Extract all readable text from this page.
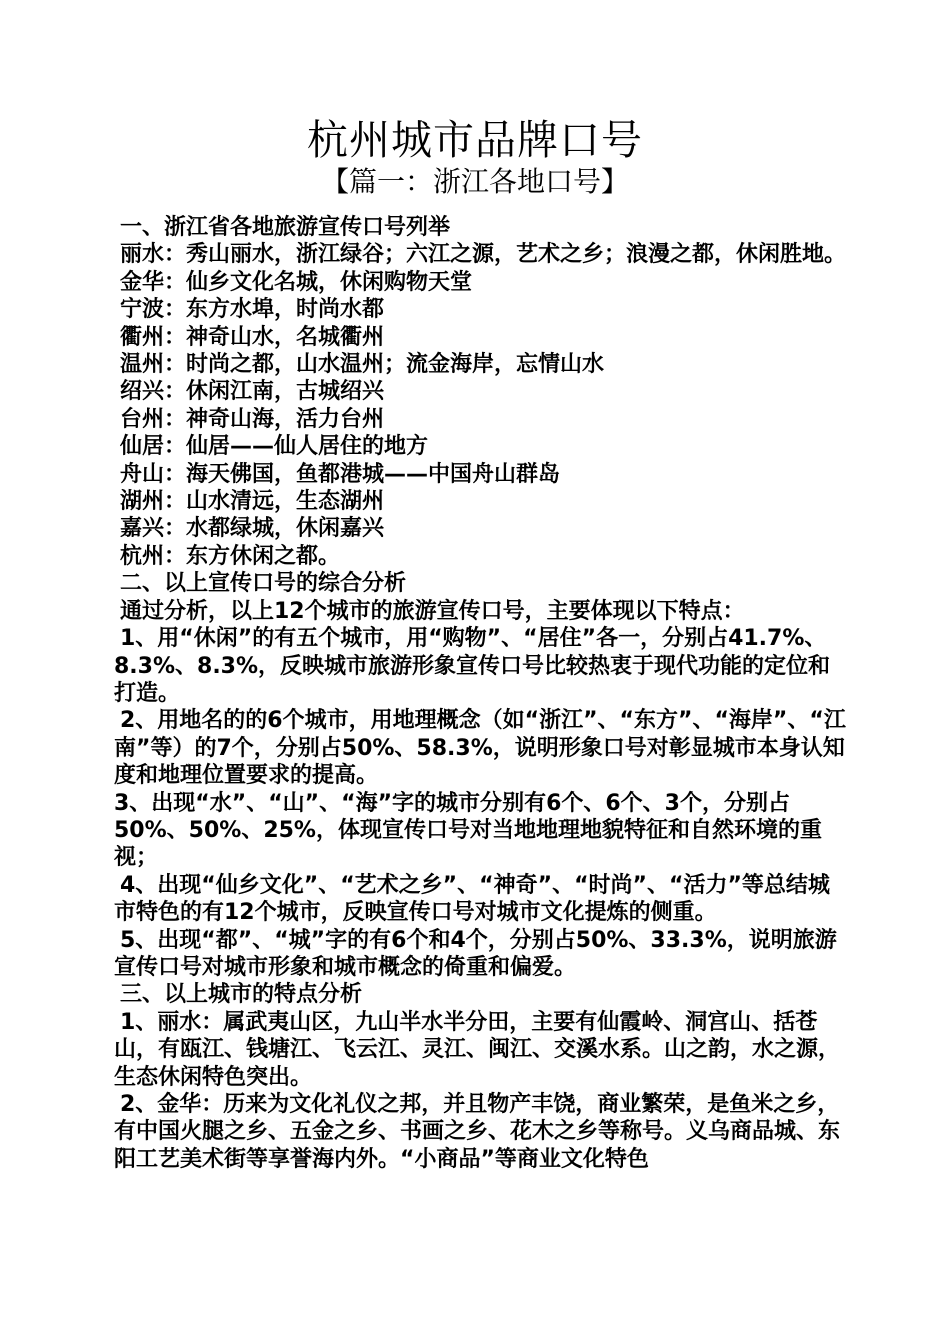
杭州城市品牌口号
【篇一：浙江各地口号】

一、浙江省各地旅游宣传口号列举

丽水：秀山丽水，浙江绿谷；六江之源，艺术之乡；浪漫之都，休闲胜地。

金华：仙乡文化名城，休闲购物天堂

宁波：东方水埠，时尚水都

衢州：神奇山水，名城衢州

温州：时尚之都，山水温州；流金海岸，忘情山水

绍兴：休闲江南，古城绍兴

台州：神奇山海，活力台州

仙居：仙居——仙人居住的地方

舟山：海天佛国，鱼都港城——中国舟山群岛

湖州：山水清远，生态湖州

嘉兴：水都绿城，休闲嘉兴

杭州：东方休闲之都。

二、以上宣传口号的综合分析

通过分析，以上12个城市的旅游宣传口号，主要体现以下特点：

1、用“休闲”的有五个城市，用“购物”、“居住”各一，分别占41.7%、8.3%、8.3%，反映城市旅游形象宣传口号比较热衷于现代功能的定位和打造。

2、用地名的的6个城市，用地理概念（如“浙江”、“东方”、“海岸”、“江南”等）的7个，分别占50%、58.3%，说明形象口号对彰显城市本身认知度和地理位置要求的提高。

3、出现“水”、“山”、“海”字的城市分别有6个、6个、3个，分别占50%、50%、25%，体现宣传口号对当地地理地貌特征和自然环境的重视；

4、出现“仙乡文化”、“艺术之乡”、“神奇”、“时尚”、“活力”等总结城市特色的有12个城市，反映宣传口号对城市文化提炼的侧重。

5、出现“都”、“城”字的有6个和4个，分别占50%、33.3%，说明旅游宣传口号对城市形象和城市概念的倚重和偏爱。

三、以上城市的特点分析

1、丽水：属武夷山区，九山半水半分田，主要有仙霞岭、洞宫山、括苍山，有瓯江、钱塘江、飞云江、灵江、闽江、交溪水系。山之韵，水之源，生态休闲特色突出。

2、金华：历来为文化礼仪之邦，并且物产丰饶，商业繁荣，是鱼米之乡，有中国火腿之乡、五金之乡、书画之乡、花木之乡等称号。义乌商品城、东阳工艺美术街等享誉海内外。“小商品”等商业文化特色
